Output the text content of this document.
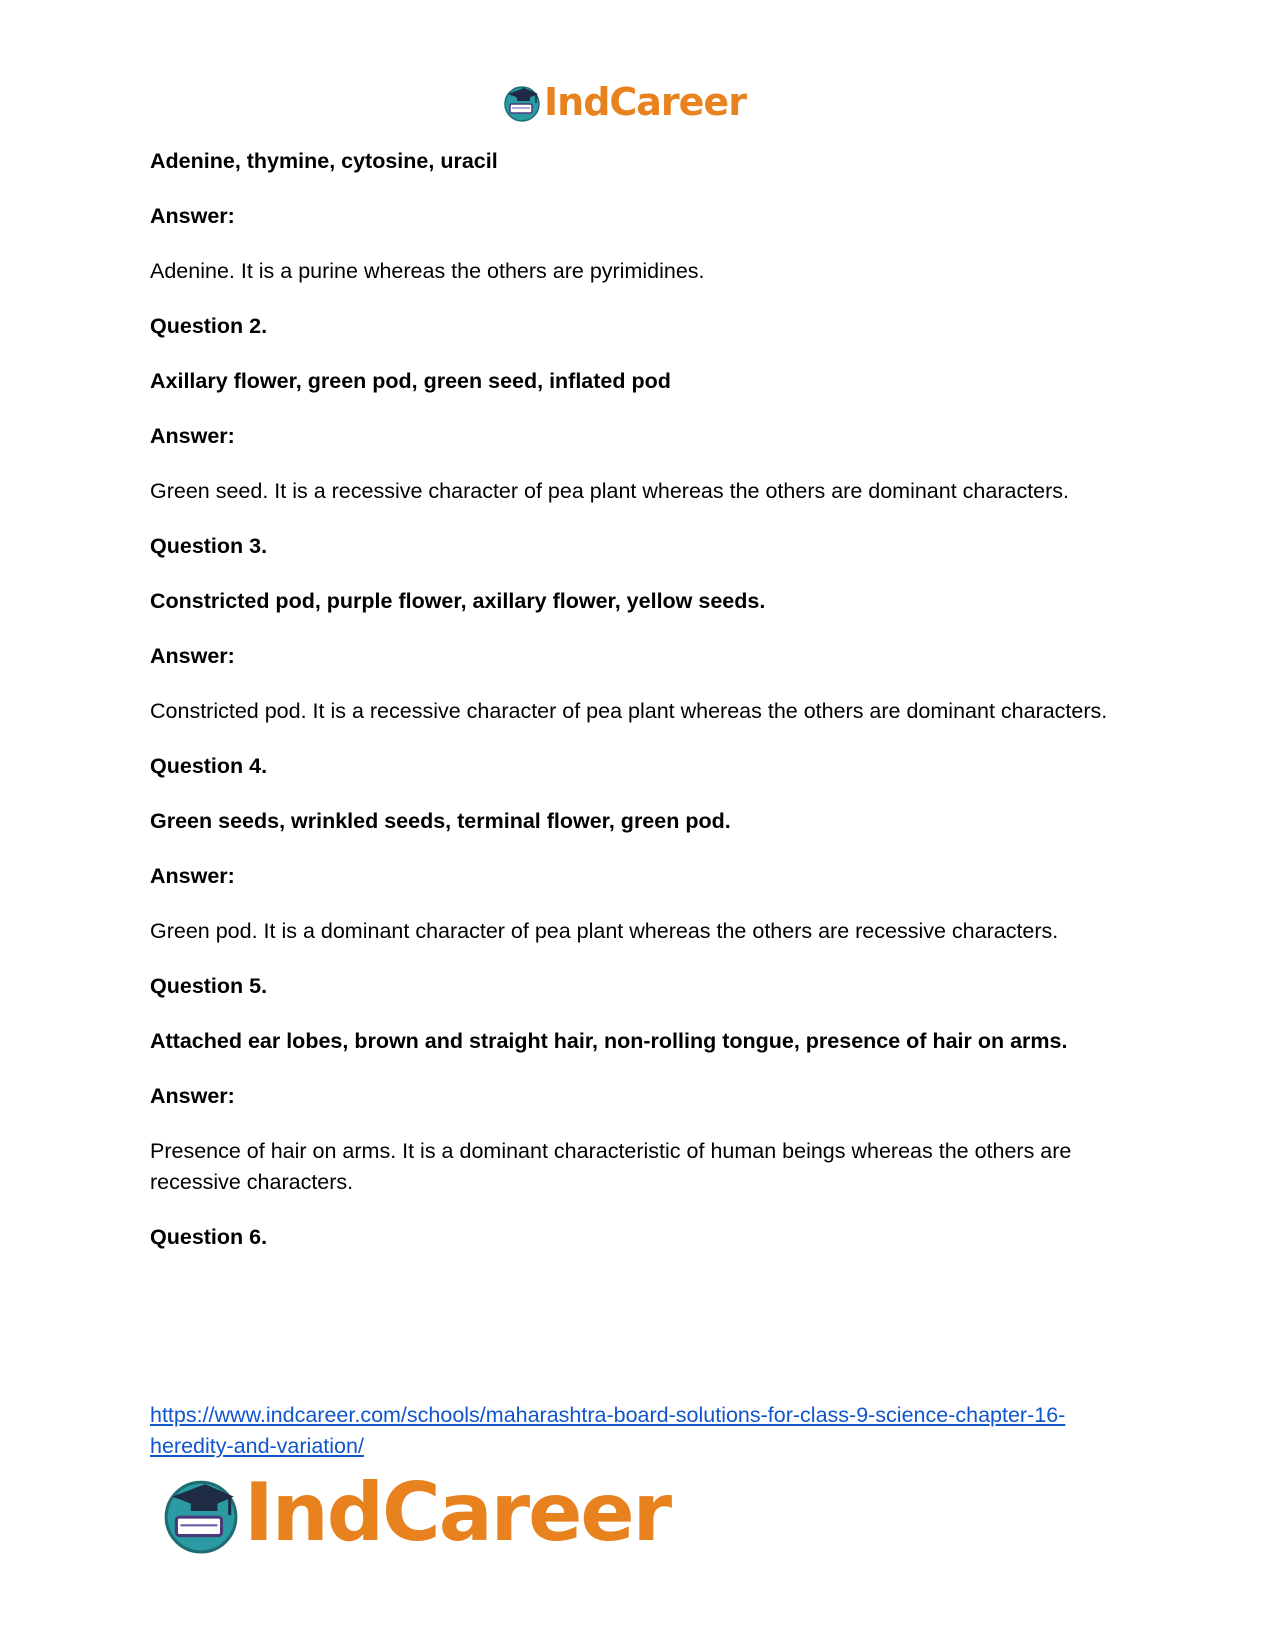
IndCareer

Adenine, thymine, cytosine, uracil

Answer:

Adenine. It is a purine whereas the others are pyrimidines.

Question 2.

Axillary flower, green pod, green seed, inflated pod

Answer:

Green seed. It is a recessive character of pea plant whereas the others are dominant characters.

Question 3.

Constricted pod, purple flower, axillary flower, yellow seeds.

Answer:

Constricted pod. It is a recessive character of pea plant whereas the others are dominant characters.

Question 4.

Green seeds, wrinkled seeds, terminal flower, green pod.

Answer:

Green pod. It is a dominant character of pea plant whereas the others are recessive characters.

Question 5.

Attached ear lobes, brown and straight hair, non-rolling tongue, presence of hair on arms.

Answer:

Presence of hair on arms. It is a dominant characteristic of human beings whereas the others are recessive characters.

Question 6.

https://www.indcareer.com/schools/maharashtra-board-solutions-for-class-9-science-chapter-16-heredity-and-variation/
IndCareer
